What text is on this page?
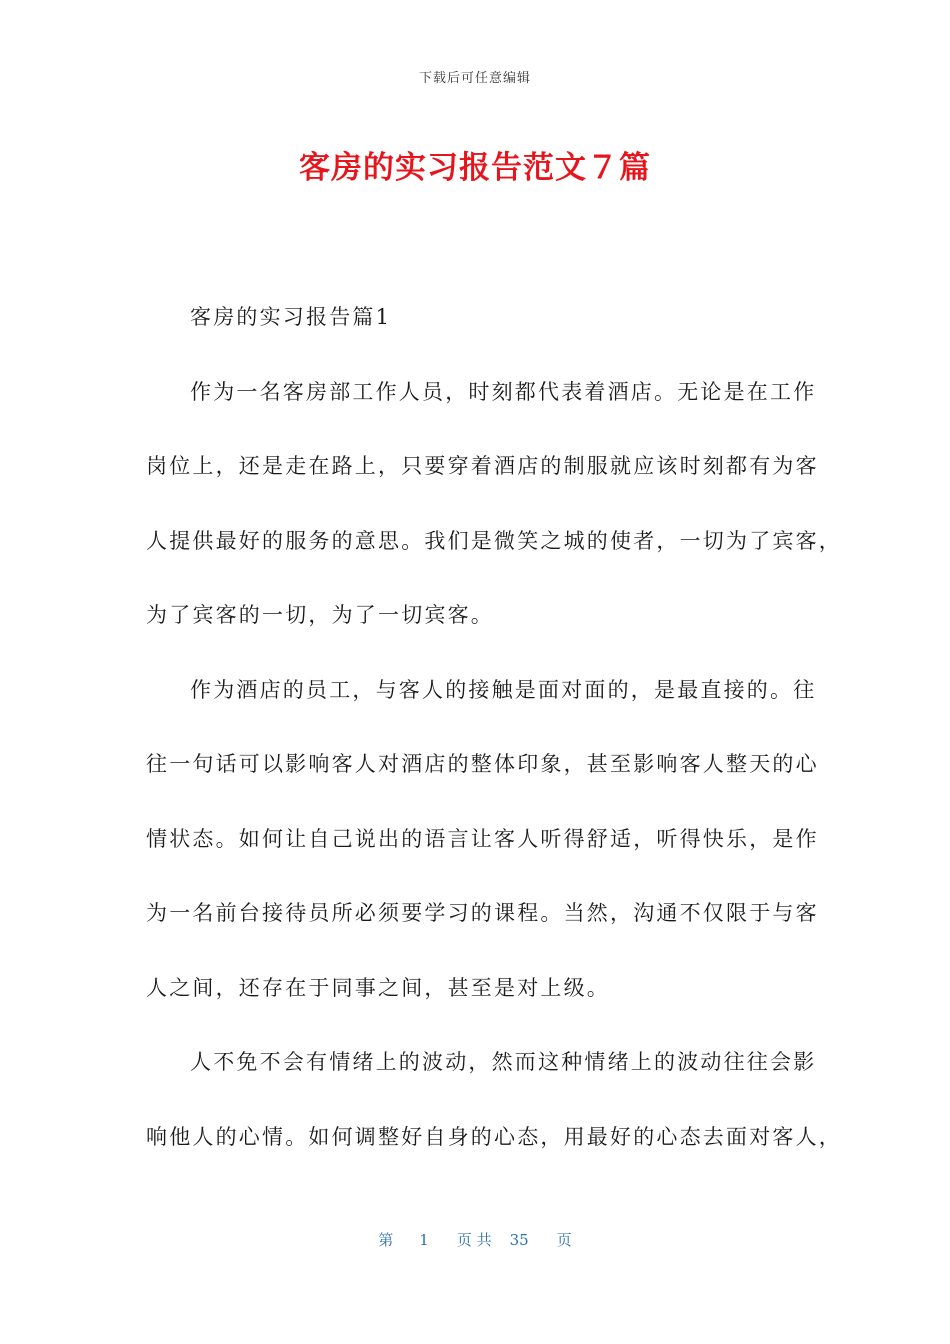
下载后可任意编辑
客房的实习报告范文７篇
客房的实习报告篇1
作为一名客房部工作人员，时刻都代表着酒店。无论是在工作
岗位上，还是走在路上，只要穿着酒店的制服就应该时刻都有为客
人提供最好的服务的意思。我们是微笑之城的使者，一切为了宾客，
为了宾客的一切，为了一切宾客。
作为酒店的员工，与客人的接触是面对面的，是最直接的。往
往一句话可以影响客人对酒店的整体印象，甚至影响客人整天的心
情状态。如何让自己说出的语言让客人听得舒适，听得快乐，是作
为一名前台接待员所必须要学习的课程。当然，沟通不仅限于与客
人之间，还存在于同事之间，甚至是对上级。
人不免不会有情绪上的波动，然而这种情绪上的波动往往会影
响他人的心情。如何调整好自身的心态，用最好的心态去面对客人，
第 1 页 共 35 页
